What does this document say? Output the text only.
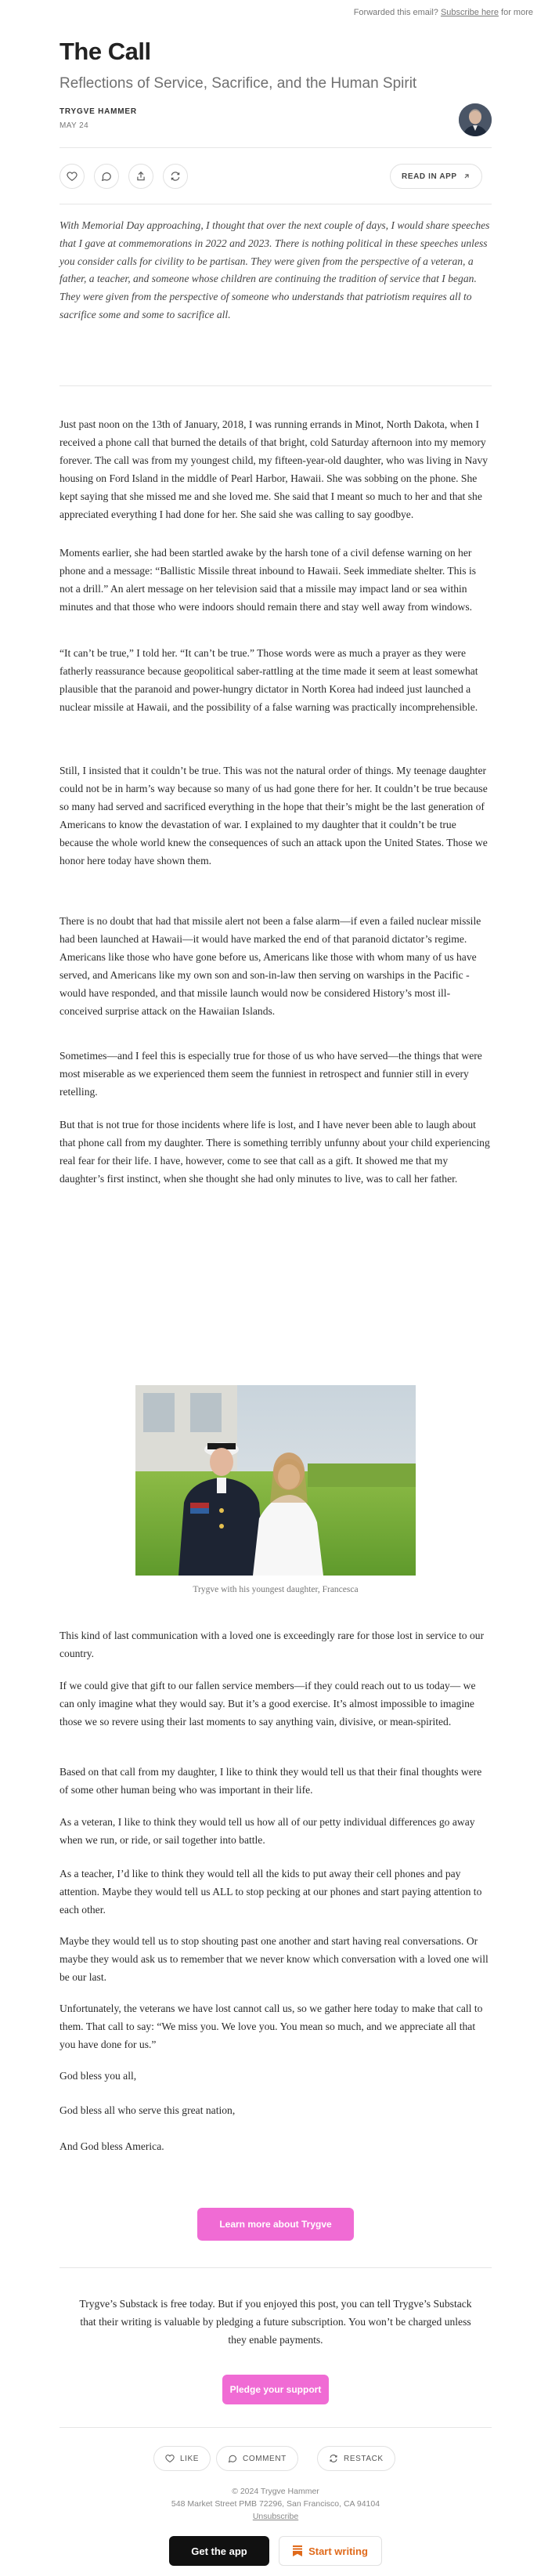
Forwarded this email? Subscribe here for more
The Call
Reflections of Service, Sacrifice, and the Human Spirit
TRYGVE HAMMER
MAY 24
READ IN APP
With Memorial Day approaching, I thought that over the next couple of days, I would share speeches that I gave at commemorations in 2022 and 2023. There is nothing political in these speeches unless you consider calls for civility to be partisan. They were given from the perspective of a veteran, a father, a teacher, and someone whose children are continuing the tradition of service that I began. They were given from the perspective of someone who understands that patriotism requires all to sacrifice some and some to sacrifice all.

Just past noon on the 13th of January, 2018, I was running errands in Minot, North Dakota, when I received a phone call that burned the details of that bright, cold Saturday afternoon into my memory forever. The call was from my youngest child, my fifteen-year-old daughter, who was living in Navy housing on Ford Island in the middle of Pearl Harbor, Hawaii. She was sobbing on the phone. She kept saying that she missed me and she loved me. She said that I meant so much to her and that she appreciated everything I had done for her. She said she was calling to say goodbye.

Moments earlier, she had been startled awake by the harsh tone of a civil defense warning on her phone and a message: “Ballistic Missile threat inbound to Hawaii. Seek immediate shelter. This is not a drill.” An alert message on her television said that a missile may impact land or sea within minutes and that those who were indoors should remain there and stay well away from windows.

“It can’t be true,” I told her. “It can’t be true.” Those words were as much a prayer as they were fatherly reassurance because geopolitical saber-rattling at the time made it seem at least somewhat plausible that the paranoid and power-hungry dictator in North Korea had indeed just launched a nuclear missile at Hawaii, and the possibility of a false warning was practically incomprehensible.

Still, I insisted that it couldn’t be true. This was not the natural order of things. My teenage daughter could not be in harm’s way because so many of us had gone there for her. It couldn’t be true because so many had served and sacrificed everything in the hope that their’s might be the last generation of Americans to know the devastation of war. I explained to my daughter that it couldn’t be true because the whole world knew the consequences of such an attack upon the United States. Those we honor here today have shown them.

There is no doubt that had that missile alert not been a false alarm—if even a failed nuclear missile had been launched at Hawaii—it would have marked the end of that paranoid dictator’s regime. Americans like those who have gone before us, Americans like those with whom many of us have served, and Americans like my own son and son-in-law then serving on warships in the Pacific - would have responded, and that missile launch would now be considered History’s most ill-conceived surprise attack on the Hawaiian Islands.

Sometimes—and I feel this is especially true for those of us who have served—the things that were most miserable as we experienced them seem the funniest in retrospect and funnier still in every retelling.

But that is not true for those incidents where life is lost, and I have never been able to laugh about that phone call from my daughter. There is something terribly unfunny about your child experiencing real fear for their life. I have, however, come to see that call as a gift. It showed me that my daughter’s first instinct, when she thought she had only minutes to live, was to call her father.

Trygve with his youngest daughter, Francesca

This kind of last communication with a loved one is exceedingly rare for those lost in service to our country.

If we could give that gift to our fallen service members—if they could reach out to us today— we can only imagine what they would say. But it’s a good exercise. It’s almost impossible to imagine those we so revere using their last moments to say anything vain, divisive, or mean-spirited.

Based on that call from my daughter, I like to think they would tell us that their final thoughts were of some other human being who was important in their life.

As a veteran, I like to think they would tell us how all of our petty individual differences go away when we run, or ride, or sail together into battle.

As a teacher, I’d like to think they would tell all the kids to put away their cell phones and pay attention. Maybe they would tell us ALL to stop pecking at our phones and start paying attention to each other.

Maybe they would tell us to stop shouting past one another and start having real conversations. Or maybe they would ask us to remember that we never know which conversation with a loved one will be our last.

Unfortunately, the veterans we have lost cannot call us, so we gather here today to make that call to them. That call to say: “We miss you. We love you. You mean so much, and we appreciate all that you have done for us.”

God bless you all,

God bless all who serve this great nation,

And God bless America.

Learn more about Trygve
Trygve’s Substack is free today. But if you enjoyed this post, you can tell Trygve’s Substack that their writing is valuable by pledging a future subscription. You won’t be charged unless they enable payments.
Pledge your support
LIKE	COMMENT	RESTACK
© 2024 Trygve Hammer
548 Market Street PMB 72296, San Francisco, CA 94104
Unsubscribe
Get the app	Start writing
